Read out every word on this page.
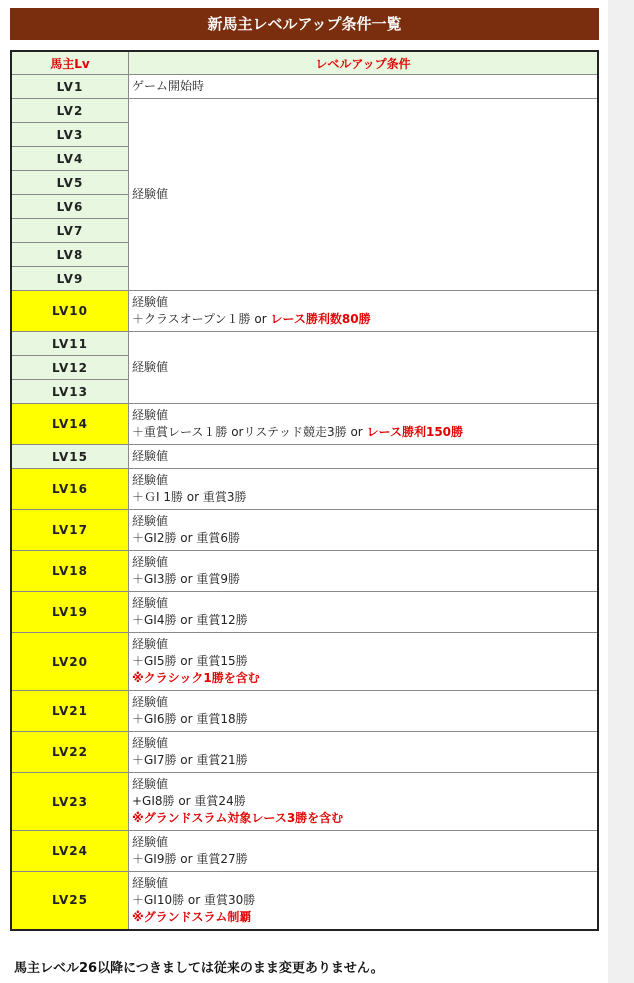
新馬主レベルアップ条件一覧
馬主Lv	レベルアップ条件
LV1	ゲーム開始時
LV2	経験値
LV3	
LV4	
LV5	
LV6	
LV7	
LV8	
LV9	
LV10	経験値
＋クラスオープン１勝 or レース勝利数80勝

LV11	経験値
LV12	
LV13	
LV14	経験値
＋重賞レース１勝 orリステッド競走3勝 or レース勝利150勝

LV15	経験値
LV16	経験値
＋ＧⅠ 1勝 or 重賞3勝

LV17	経験値
＋GI2勝 or 重賞6勝

LV18	経験値
＋GI3勝 or 重賞9勝

LV19	経験値
＋GI4勝 or 重賞12勝

LV20	経験値
＋GI5勝 or 重賞15勝
※クラシック1勝を含む

LV21	経験値
＋GI6勝 or 重賞18勝

LV22	経験値
＋GI7勝 or 重賞21勝

LV23	経験値
+GI8勝 or 重賞24勝
※グランドスラム対象レース3勝を含む

LV24	経験値
＋GI9勝 or 重賞27勝

LV25	経験値
＋GI10勝 or 重賞30勝
※グランドスラム制覇
馬主レベル26以降につきましては従来のまま変更ありません。
